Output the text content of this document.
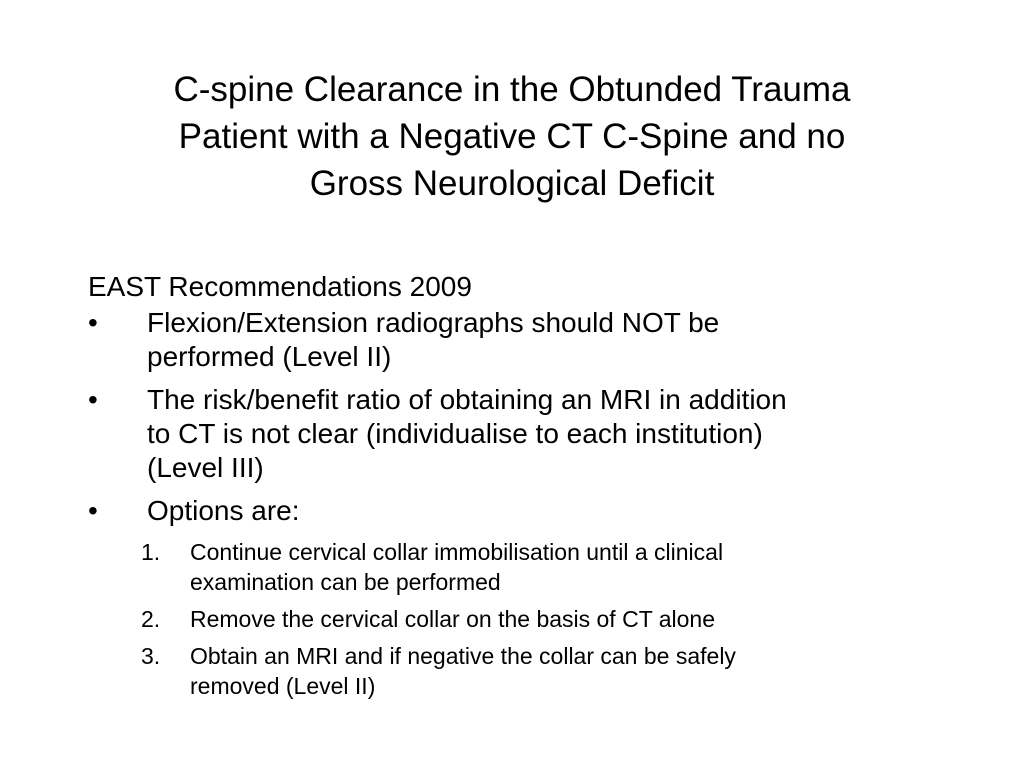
C-spine Clearance in the Obtunded Trauma
Patient with a Negative CT C-Spine and no
Gross Neurological Deficit
EAST Recommendations 2009
•	Flexion/Extension radiographs should NOT be
performed (Level II)
•	The risk/benefit ratio of obtaining an MRI in addition
to CT is not clear (individualise to each institution)
(Level III)
•	Options are:
1.	Continue cervical collar immobilisation until a clinical
examination can be performed
2.	Remove the cervical collar on the basis of CT alone
3.	Obtain an MRI and if negative the collar can be safely
removed (Level II)
